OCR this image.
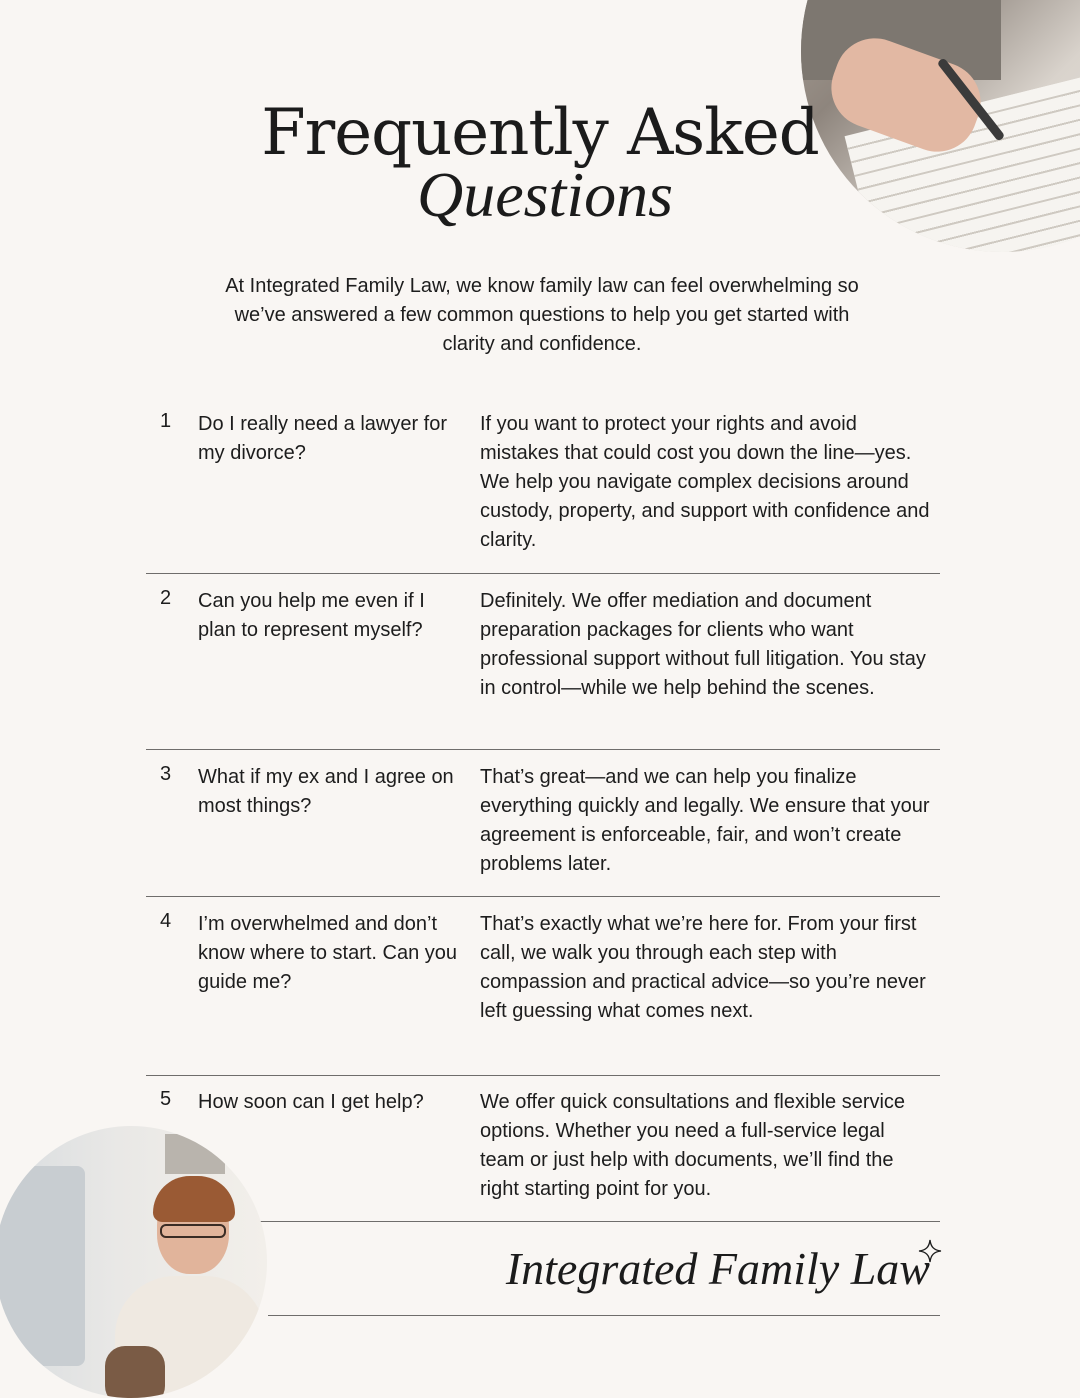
Frequently Asked
Questions

At Integrated Family Law, we know family law can feel overwhelming so we’ve answered a few common questions to help you get started with clarity and confidence.

1 Do I really need a lawyer for my divorce?
If you want to protect your rights and avoid mistakes that could cost you down the line—yes. We help you navigate complex decisions around custody, property, and support with confidence and clarity.
2 Can you help me even if I plan to represent myself?
Definitely. We offer mediation and document preparation packages for clients who want professional support without full litigation. You stay in control—while we help behind the scenes.
3 What if my ex and I agree on most things?
That’s great—and we can help you finalize everything quickly and legally. We ensure that your agreement is enforceable, fair, and won’t create problems later.
4 I’m overwhelmed and don’t know where to start. Can you guide me?
That’s exactly what we’re here for. From your first call, we walk you through each step with compassion and practical advice—so you’re never left guessing what comes next.
5 How soon can I get help?	We offer quick consultations and flexible service options. Whether you need a full-service legal team or just help with documents, we’ll find the right starting point for you.
Integrated Family Law
